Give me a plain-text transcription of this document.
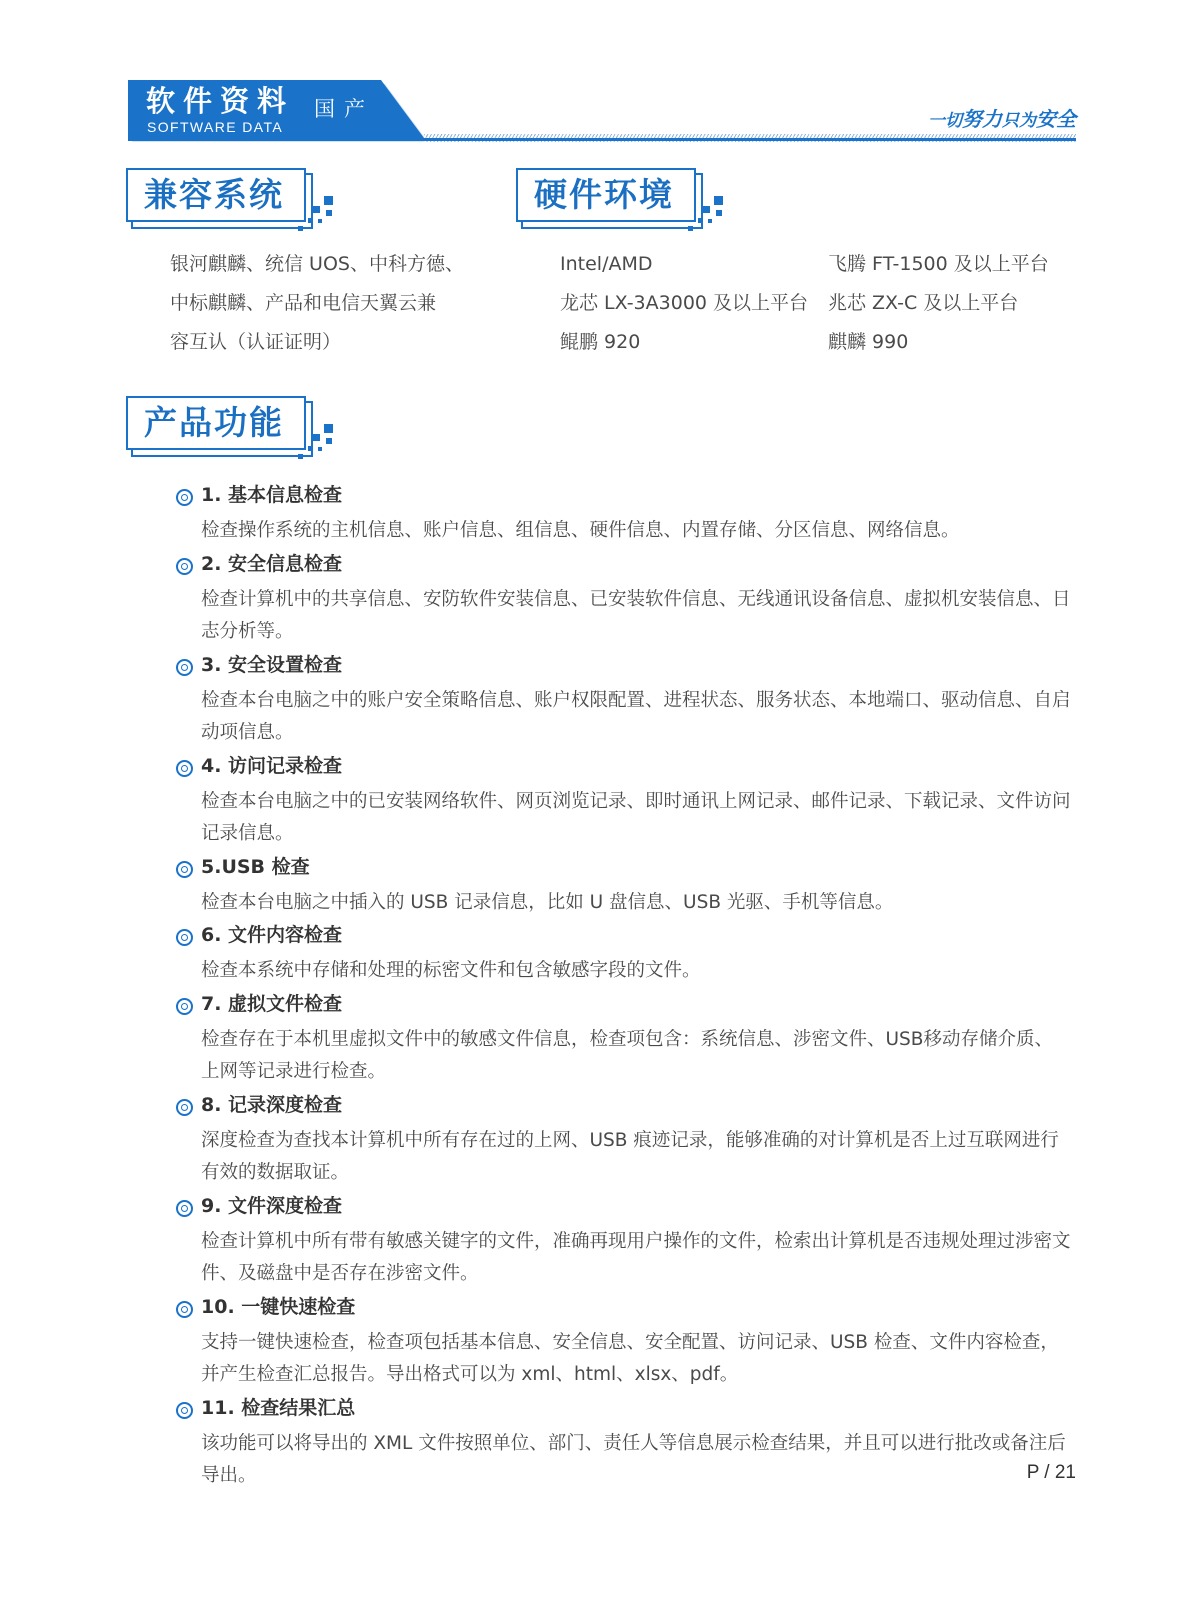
软件资料
SOFTWARE DATA
国产	一切努力只为安全
兼容系统
银河麒麟、统信 UOS、中科方德、
中标麒麟、产品和电信天翼云兼
容互认（认证证明）
硬件环境
Intel/AMD
龙芯 LX-3A3000 及以上平台
鲲鹏 920
飞腾 FT-1500 及以上平台
兆芯 ZX-C 及以上平台
麒麟 990
产品功能
1. 基本信息检查
检查操作系统的主机信息、账户信息、组信息、硬件信息、内置存储、分区信息、网络信息。
2. 安全信息检查
检查计算机中的共享信息、安防软件安装信息、已安装软件信息、无线通讯设备信息、虚拟机安装信息、日志分析等。
3. 安全设置检查
检查本台电脑之中的账户安全策略信息、账户权限配置、进程状态、服务状态、本地端口、驱动信息、自启动项信息。
4. 访问记录检查
检查本台电脑之中的已安装网络软件、网页浏览记录、即时通讯上网记录、邮件记录、下载记录、文件访问记录信息。
5.USB 检查
检查本台电脑之中插入的 USB 记录信息，比如 U 盘信息、USB 光驱、手机等信息。
6. 文件内容检查
检查本系统中存储和处理的标密文件和包含敏感字段的文件。
7. 虚拟文件检查
检查存在于本机里虚拟文件中的敏感文件信息，检查项包含：系统信息、涉密文件、USB移动存储介质、上网等记录进行检查。
8. 记录深度检查
深度检查为查找本计算机中所有存在过的上网、USB 痕迹记录，能够准确的对计算机是否上过互联网进行有效的数据取证。
9. 文件深度检查
检查计算机中所有带有敏感关键字的文件，准确再现用户操作的文件，检索出计算机是否违规处理过涉密文件、及磁盘中是否存在涉密文件。
10. 一键快速检查
支持一键快速检查，检查项包括基本信息、安全信息、安全配置、访问记录、USB 检查、文件内容检查，并产生检查汇总报告。导出格式可以为 xml、html、xlsx、pdf。
11. 检查结果汇总
该功能可以将导出的 XML 文件按照单位、部门、责任人等信息展示检查结果，并且可以进行批改或备注后导出。	P / 21
